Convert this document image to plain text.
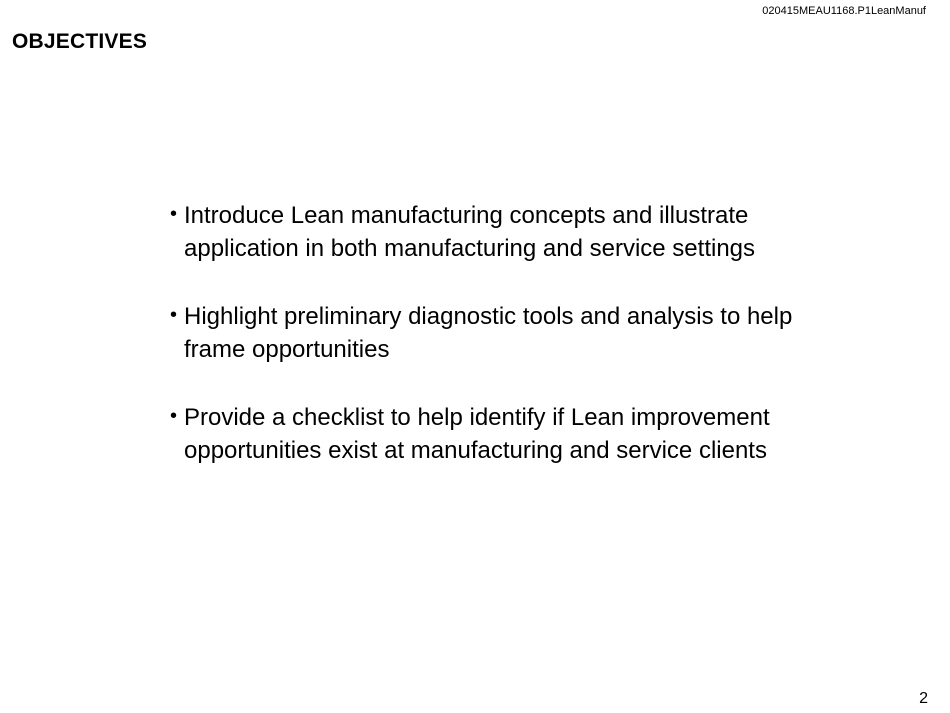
020415MEAU1168.P1LeanManuf
OBJECTIVES
• Introduce Lean manufacturing concepts and illustrate application in both manufacturing and service settings
• Highlight preliminary diagnostic tools and analysis to help frame opportunities
• Provide a checklist to help identify if Lean improvement opportunities exist at manufacturing and service clients
2
